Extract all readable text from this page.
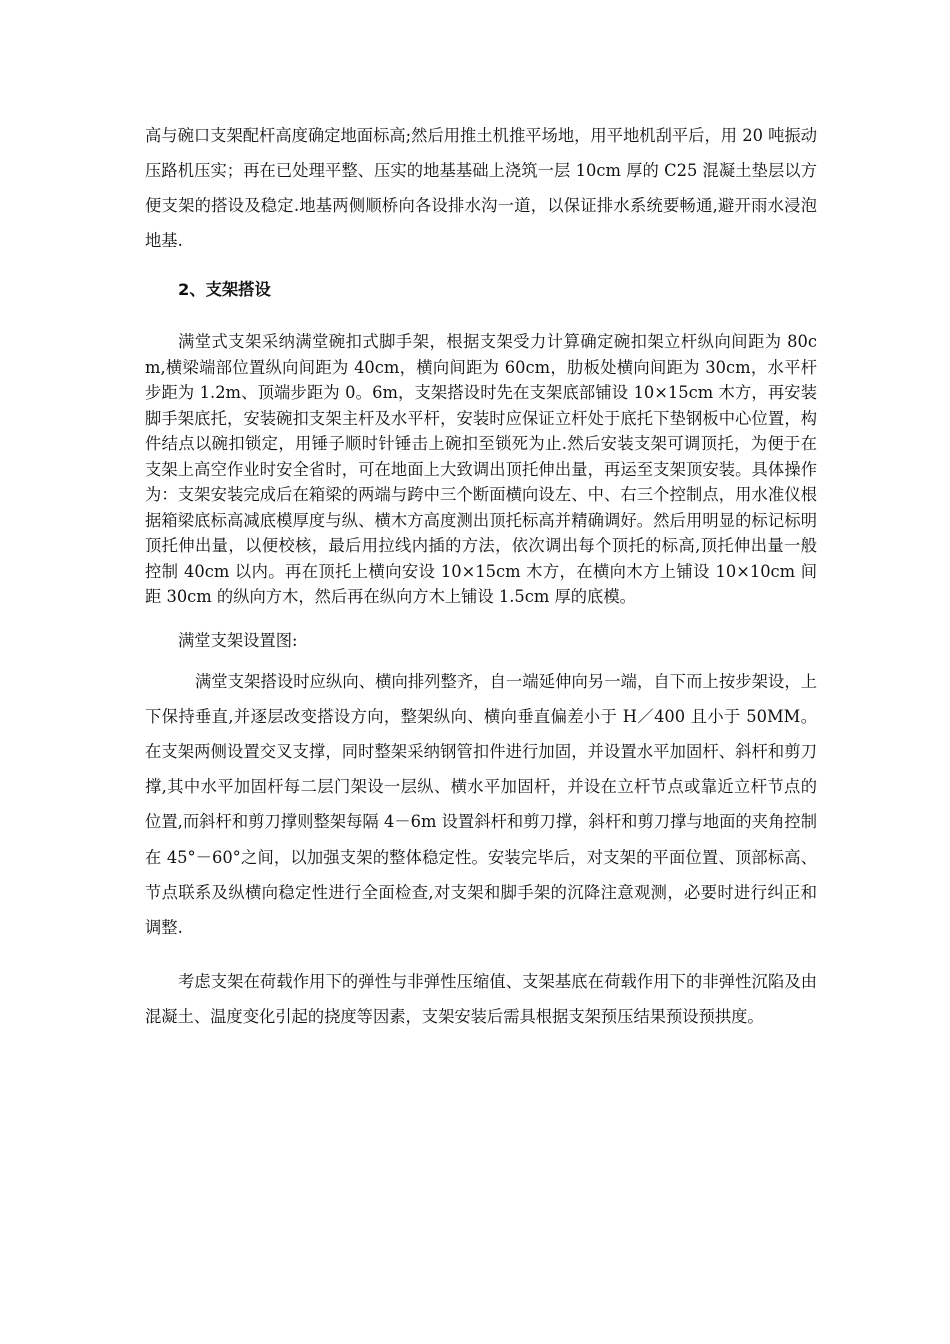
高与碗口支架配杆高度确定地面标高;然后用推土机推平场地，用平地机刮平后，用 20 吨振动压路机压实；再在已处理平整、压实的地基基础上浇筑一层 10cm 厚的 C25 混凝土垫层以方便支架的搭设及稳定.地基两侧顺桥向各设排水沟一道，以保证排水系统要畅通,避开雨水浸泡地基.

2、支架搭设

满堂式支架采纳满堂碗扣式脚手架，根据支架受力计算确定碗扣架立杆纵向间距为 80cm,横梁端部位置纵向间距为 40cm，横向间距为 60cm，肋板处横向间距为 30cm，水平杆步距为 1.2m、顶端步距为 0。6m，支架搭设时先在支架底部铺设 10×15cm 木方，再安装脚手架底托，安装碗扣支架主杆及水平杆，安装时应保证立杆处于底托下垫钢板中心位置，构件结点以碗扣锁定，用锤子顺时针锤击上碗扣至锁死为止.然后安装支架可调顶托，为便于在支架上高空作业时安全省时，可在地面上大致调出顶托伸出量，再运至支架顶安装。具体操作为：支架安装完成后在箱梁的两端与跨中三个断面横向设左、中、右三个控制点，用水准仪根据箱梁底标高减底模厚度与纵、横木方高度测出顶托标高并精确调好。然后用明显的标记标明顶托伸出量，以便校核，最后用拉线内插的方法，依次调出每个顶托的标高,顶托伸出量一般控制 40cm 以内。再在顶托上横向安设 10×15cm 木方，在横向木方上铺设 10×10cm 间距 30cm 的纵向方木，然后再在纵向方木上铺设 1.5cm 厚的底模。

满堂支架设置图:

满堂支架搭设时应纵向、横向排列整齐，自一端延伸向另一端，自下而上按步架设，上下保持垂直,并逐层改变搭设方向，整架纵向、横向垂直偏差小于 H／400 且小于 50MM。在支架两侧设置交叉支撑，同时整架采纳钢管扣件进行加固，并设置水平加固杆、斜杆和剪刀撑,其中水平加固杆每二层门架设一层纵、横水平加固杆，并设在立杆节点或靠近立杆节点的位置,而斜杆和剪刀撑则整架每隔 4－6m 设置斜杆和剪刀撑，斜杆和剪刀撑与地面的夹角控制在 45°－60°之间，以加强支架的整体稳定性。安装完毕后，对支架的平面位置、顶部标高、节点联系及纵横向稳定性进行全面检查,对支架和脚手架的沉降注意观测，必要时进行纠正和调整.

考虑支架在荷载作用下的弹性与非弹性压缩值、支架基底在荷载作用下的非弹性沉陷及由混凝土、温度变化引起的挠度等因素，支架安装后需具根据支架预压结果预设预拱度。
